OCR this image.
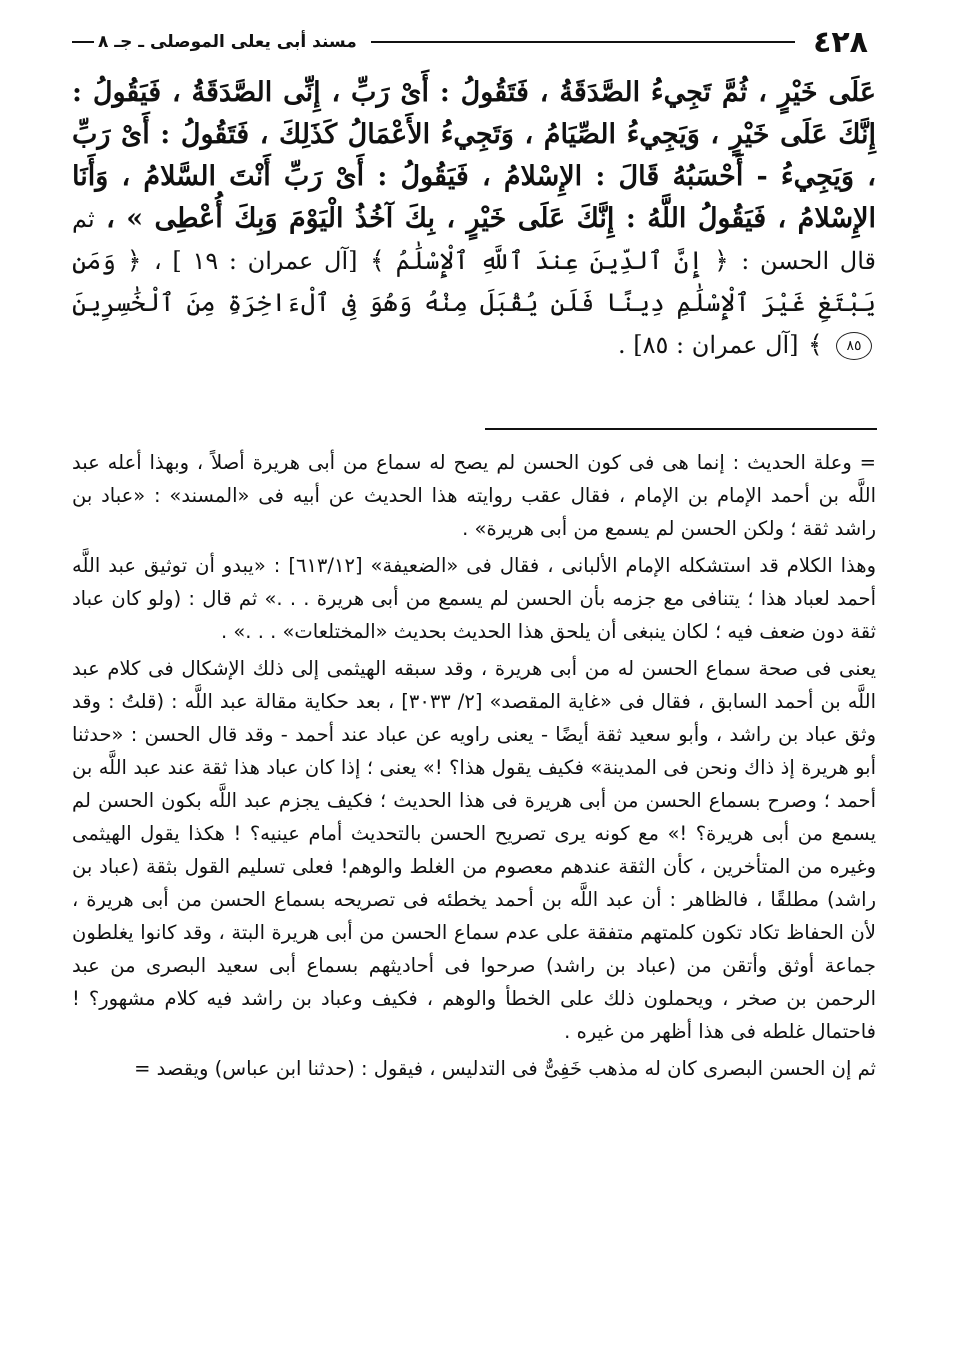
٤٢٨
مسند أبى يعلى الموصلى ـ جـ ٨
عَلَى خَيْرٍ ، ثُمَّ تَجِيءُ الصَّدَقَةُ ، فَتَقُولُ : أَىْ رَبِّ ، إِنِّى الصَّدَقَةُ ، فَيَقُولُ : إِنَّكَ عَلَى خَيْرٍ ، وَيَجِيءُ الصِّيَامُ ، وَتَجِيءُ الأَعْمَالُ كَذَلِكَ ، فَتَقُولُ : أَىْ رَبِّ ، وَيَجِيءُ - أَحْسَبُهُ قَالَ : الإِسْلامُ ، فَيَقُولُ : أَىْ رَبِّ أَنْتَ السَّلامُ ، وَأَنَا الإِسْلامُ ، فَيَقُولُ اللَّهُ : إِنَّكَ عَلَى خَيْرٍ ، بِكَ آخُذُ الْيَوْمَ وَبِكَ أُعْطِى » ، ثم قال الحسن : ﴿ إِنَّ ٱلدِّينَ عِندَ ٱللَّهِ ٱلْإِسْلَٰمُ ﴾ [آل عمران : ١٩ ] ، ﴿ وَمَن يَبْتَغِ غَيْرَ ٱلْإِسْلَٰمِ دِينًا فَلَن يُقْبَلَ مِنْهُ وَهُوَ فِى ٱلْءَاخِرَةِ مِنَ ٱلْخَٰسِرِينَ ٨٥ ﴾ [آل عمران : ٨٥] .

= وعلة الحديث : إنما هى فى كون الحسن لم يصح له سماع من أبى هريرة أصلاً ، وبهذا أعله عبد اللَّه بن أحمد الإمام بن الإمام ، فقال عقب روايته هذا الحديث عن أبيه فى «المسند» : «عباد بن راشد ثقة ؛ ولكن الحسن لم يسمع من أبى هريرة» .

وهذا الكلام قد استشكله الإمام الألبانى ، فقال فى «الضعيفة» [٦١٣/١٢] : «يبدو أن توثيق عبد اللَّه أحمد لعباد هذا ؛ يتنافى مع جزمه بأن الحسن لم يسمع من أبى هريرة . . .» ثم قال : (ولو كان عباد ثقة دون ضعف فيه ؛ لكان ينبغى أن يلحق هذا الحديث بحديث «المختلعات» . . .» .

يعنى فى صحة سماع الحسن له من أبى هريرة ، وقد سبقه الهيثمى إلى ذلك الإشكال فى كلام عبد اللَّه بن أحمد السابق ، فقال فى «غاية المقصد» [٢/ ٣٠٣٣] ، بعد حكاية مقالة عبد اللَّه : (قلتُ : وقد وثق عباد بن راشد ، وأبو سعيد ثقة أيضًا - يعنى راويه عن عباد عند أحمد - وقد قال الحسن : «حدثنا أبو هريرة إذ ذاك ونحن فى المدينة» فكيف يقول هذا؟ !» يعنى ؛ إذا كان عباد هذا ثقة عند عبد اللَّه بن أحمد ؛ وصرح بسماع الحسن من أبى هريرة فى هذا الحديث ؛ فكيف يجزم عبد اللَّه بكون الحسن لم يسمع من أبى هريرة؟ !» مع كونه يرى تصريح الحسن بالتحديث أمام عينيه؟ ! هكذا يقول الهيثمى وغيره من المتأخرين ، كأن الثقة عندهم معصوم من الغلط والوهم! فعلى تسليم القول بثقة (عباد بن راشد) مطلقًا ، فالظاهر : أن عبد اللَّه بن أحمد يخطئه فى تصريحه بسماع الحسن من أبى هريرة ، لأن الحفاظ تكاد تكون كلمتهم متفقة على عدم سماع الحسن من أبى هريرة البتة ، وقد كانوا يغلطون جماعة أوثق وأتقن من (عباد بن راشد) صرحوا فى أحاديثهم بسماع أبى سعيد البصرى من عبد الرحمن بن صخر ، ويحملون ذلك على الخطأ والوهم ، فكيف وعباد بن راشد فيه كلام مشهور؟ ! فاحتمال غلطه فى هذا أظهر من غيره .

ثم إن الحسن البصرى كان له مذهب خَفِىٌّ فى التدليس ، فيقول : (حدثنا ابن عباس) ويقصد =
